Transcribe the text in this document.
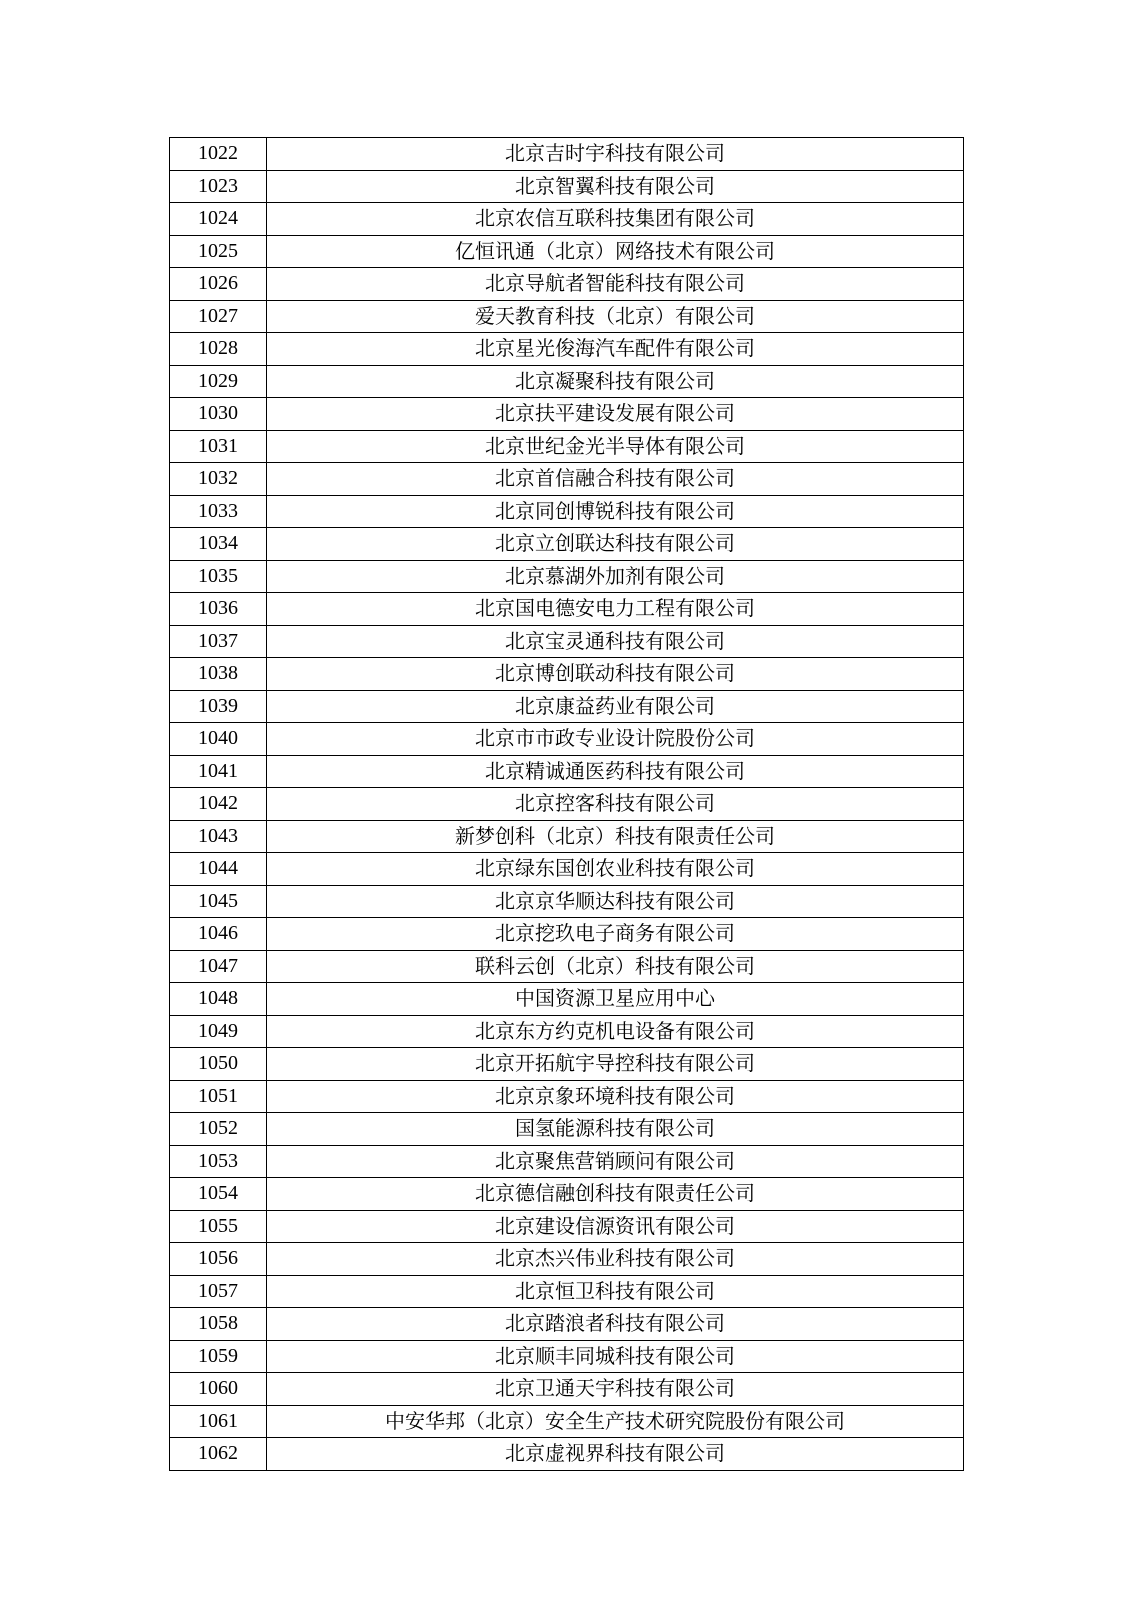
1022	北京吉时宇科技有限公司
1023	北京智翼科技有限公司
1024	北京农信互联科技集团有限公司
1025	亿恒讯通（北京）网络技术有限公司
1026	北京导航者智能科技有限公司
1027	爱天教育科技（北京）有限公司
1028	北京星光俊海汽车配件有限公司
1029	北京凝聚科技有限公司
1030	北京扶平建设发展有限公司
1031	北京世纪金光半导体有限公司
1032	北京首信融合科技有限公司
1033	北京同创博锐科技有限公司
1034	北京立创联达科技有限公司
1035	北京慕湖外加剂有限公司
1036	北京国电德安电力工程有限公司
1037	北京宝灵通科技有限公司
1038	北京博创联动科技有限公司
1039	北京康益药业有限公司
1040	北京市市政专业设计院股份公司
1041	北京精诚通医药科技有限公司
1042	北京控客科技有限公司
1043	新梦创科（北京）科技有限责任公司
1044	北京绿东国创农业科技有限公司
1045	北京京华顺达科技有限公司
1046	北京挖玖电子商务有限公司
1047	联科云创（北京）科技有限公司
1048	中国资源卫星应用中心
1049	北京东方约克机电设备有限公司
1050	北京开拓航宇导控科技有限公司
1051	北京京象环境科技有限公司
1052	国氢能源科技有限公司
1053	北京聚焦营销顾问有限公司
1054	北京德信融创科技有限责任公司
1055	北京建设信源资讯有限公司
1056	北京杰兴伟业科技有限公司
1057	北京恒卫科技有限公司
1058	北京踏浪者科技有限公司
1059	北京顺丰同城科技有限公司
1060	北京卫通天宇科技有限公司
1061	中安华邦（北京）安全生产技术研究院股份有限公司
1062	北京虚视界科技有限公司
